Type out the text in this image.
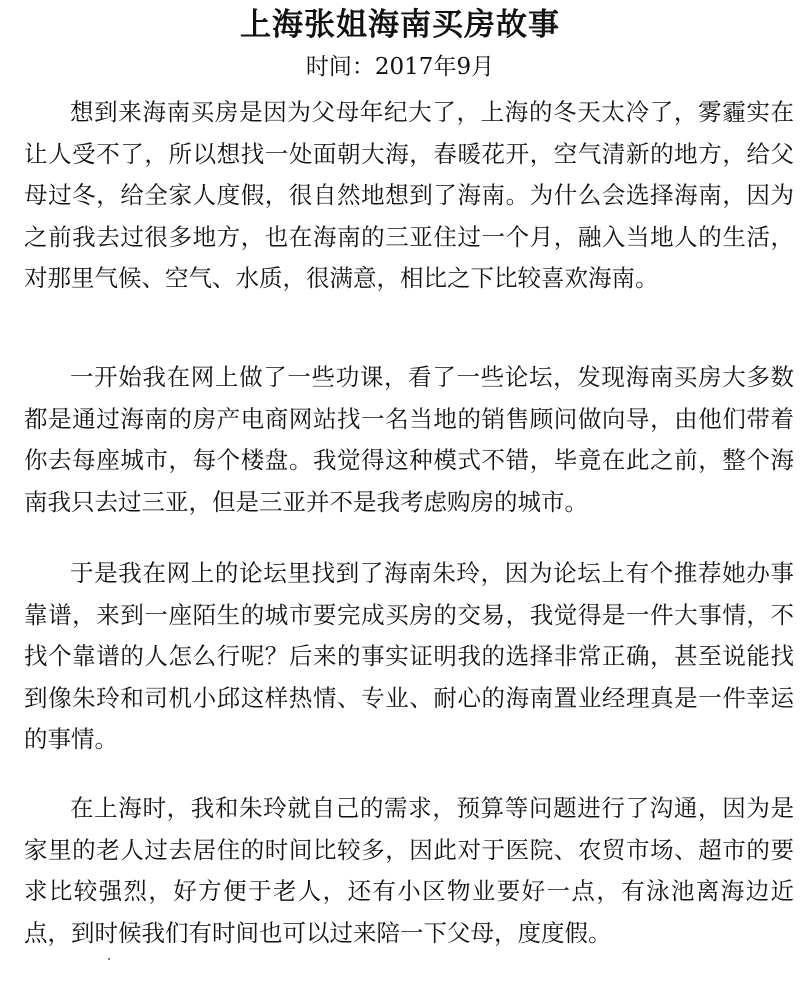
上海张姐海南买房故事
时间：2017年9月

想到来海南买房是因为父母年纪大了，上海的冬天太冷了，雾霾实在让人受不了，所以想找一处面朝大海，春暖花开，空气清新的地方，给父母过冬，给全家人度假，很自然地想到了海南。为什么会选择海南，因为之前我去过很多地方，也在海南的三亚住过一个月，融入当地人的生活，对那里气候、空气、水质，很满意，相比之下比较喜欢海南。

一开始我在网上做了一些功课，看了一些论坛，发现海南买房大多数都是通过海南的房产电商网站找一名当地的销售顾问做向导，由他们带着你去每座城市，每个楼盘。我觉得这种模式不错，毕竟在此之前，整个海南我只去过三亚，但是三亚并不是我考虑购房的城市。

于是我在网上的论坛里找到了海南朱玲，因为论坛上有个推荐她办事靠谱，来到一座陌生的城市要完成买房的交易，我觉得是一件大事情，不找个靠谱的人怎么行呢？后来的事实证明我的选择非常正确，甚至说能找到像朱玲和司机小邱这样热情、专业、耐心的海南置业经理真是一件幸运的事情。

在上海时，我和朱玲就自己的需求，预算等问题进行了沟通，因为是家里的老人过去居住的时间比较多，因此对于医院、农贸市场、超市的要求比较强烈，好方便于老人，还有小区物业要好一点，有泳池离海边近点，到时候我们有时间也可以过来陪一下父母，度度假。
